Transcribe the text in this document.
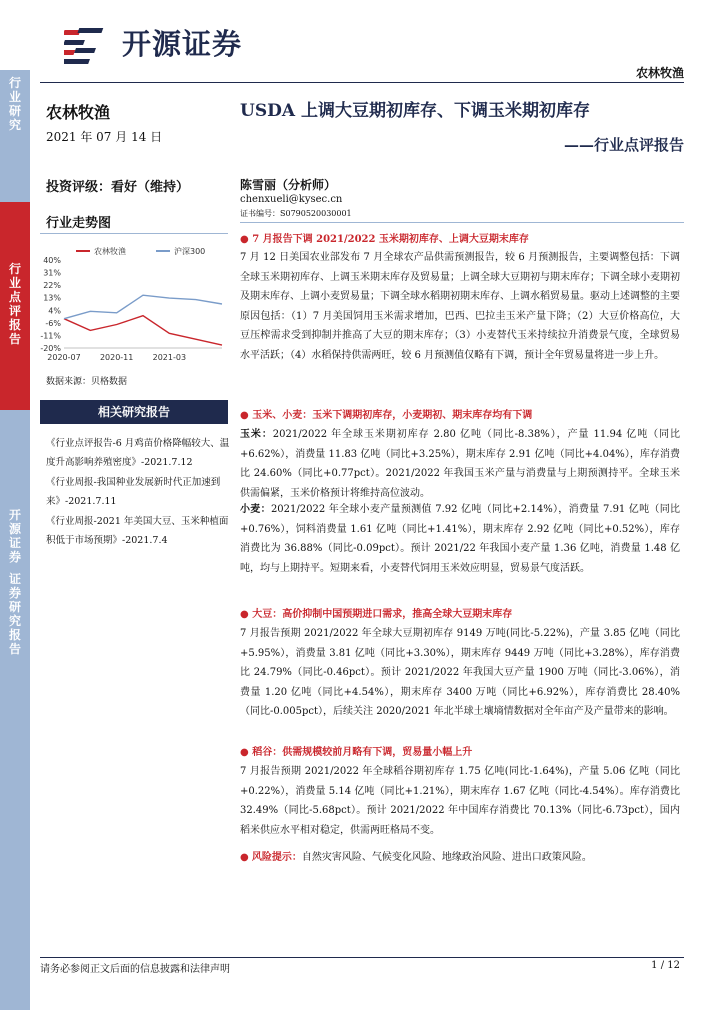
开源证券
农林牧渔
行
业
研
究
行
业
点
评
报
告
开
源
证
券
证
券
研
究
报
告
农林牧渔
2021 年 07 月 14 日
投资评级：看好（维持）
行业走势图
农林牧渔	沪深300
40%
31%
22%
13%
4%
-6%
-11%
-20%
2020-07 2020-11 2021-03
数据来源：贝格数据
相关研究报告
《行业点评报告-6 月鸡苗价格降幅较大、温度升高影响养殖密度》-2021.7.12
《行业周报-我国种业发展新时代正加速到来》-2021.7.11
《行业周报-2021 年美国大豆、玉米种植面积低于市场预期》-2021.7.4
USDA 上调大豆期初库存、下调玉米期初库存
——行业点评报告
陈雪丽（分析师）
chenxueli@kysec.cn
证书编号：S0790520030001
● 7 月报告下调 2021/2022 玉米期初库存、上调大豆期末库存
7 月 12 日美国农业部发布 7 月全球农产品供需预测报告，较 6 月预测报告，主要调整包括：下调全球玉米期初库存、上调玉米期末库存及贸易量；上调全球大豆期初与期末库存；下调全球小麦期初及期末库存、上调小麦贸易量；下调全球水稻期初期末库存、上调水稻贸易量。驱动上述调整的主要原因包括：（1）7 月美国饲用玉米需求增加，巴西、巴拉圭玉米产量下降；（2）大豆价格高位，大豆压榨需求受到抑制并推高了大豆的期末库存；（3）小麦替代玉米持续拉升消费景气度，全球贸易水平活跃；（4）水稻保持供需两旺，较 6 月预测值仅略有下调，预计全年贸易量将进一步上升。
● 玉米、小麦：玉米下调期初库存，小麦期初、期末库存均有下调
玉米：2021/2022 年全球玉米期初库存 2.80 亿吨（同比-8.38%），产量 11.94 亿吨（同比+6.62%），消费量 11.83 亿吨（同比+3.25%），期末库存 2.91 亿吨（同比+4.04%），库存消费比 24.60%（同比+0.77pct）。2021/2022 年我国玉米产量与消费量与上期预测持平。全球玉米供需偏紧，玉米价格预计将维持高位波动。
小麦：2021/2022 年全球小麦产量预测值 7.92 亿吨（同比+2.14%），消费量 7.91 亿吨（同比+0.76%），饲料消费量 1.61 亿吨（同比+1.41%），期末库存 2.92 亿吨（同比+0.52%），库存消费比为 36.88%（同比-0.09pct）。预计 2021/22 年我国小麦产量 1.36 亿吨，消费量 1.48 亿吨，均与上期持平。短期来看，小麦替代饲用玉米效应明显，贸易景气度活跃。
● 大豆：高价抑制中国预期进口需求，推高全球大豆期末库存
7 月报告预期 2021/2022 年全球大豆期初库存 9149 万吨(同比-5.22%)，产量 3.85 亿吨（同比+5.95%），消费量 3.81 亿吨（同比+3.30%），期末库存 9449 万吨（同比+3.28%），库存消费比 24.79%（同比-0.46pct）。预计 2021/2022 年我国大豆产量 1900 万吨（同比-3.06%），消费量 1.20 亿吨（同比+4.54%），期末库存 3400 万吨（同比+6.92%），库存消费比 28.40%（同比-0.005pct），后续关注 2020/2021 年北半球土壤墒情数据对全年亩产及产量带来的影响。
● 稻谷：供需规模较前月略有下调，贸易量小幅上升
7 月报告预期 2021/2022 年全球稻谷期初库存 1.75 亿吨(同比-1.64%)，产量 5.06 亿吨（同比+0.22%），消费量 5.14 亿吨（同比+1.21%），期末库存 1.67 亿吨（同比-4.54%）。库存消费比 32.49%（同比-5.68pct）。预计 2021/2022 年中国库存消费比 70.13%（同比-6.73pct），国内稻米供应水平相对稳定，供需两旺格局不变。
● 风险提示：自然灾害风险、气候变化风险、地缘政治风险、进出口政策风险。
请务必参阅正文后面的信息披露和法律声明	1 / 12
